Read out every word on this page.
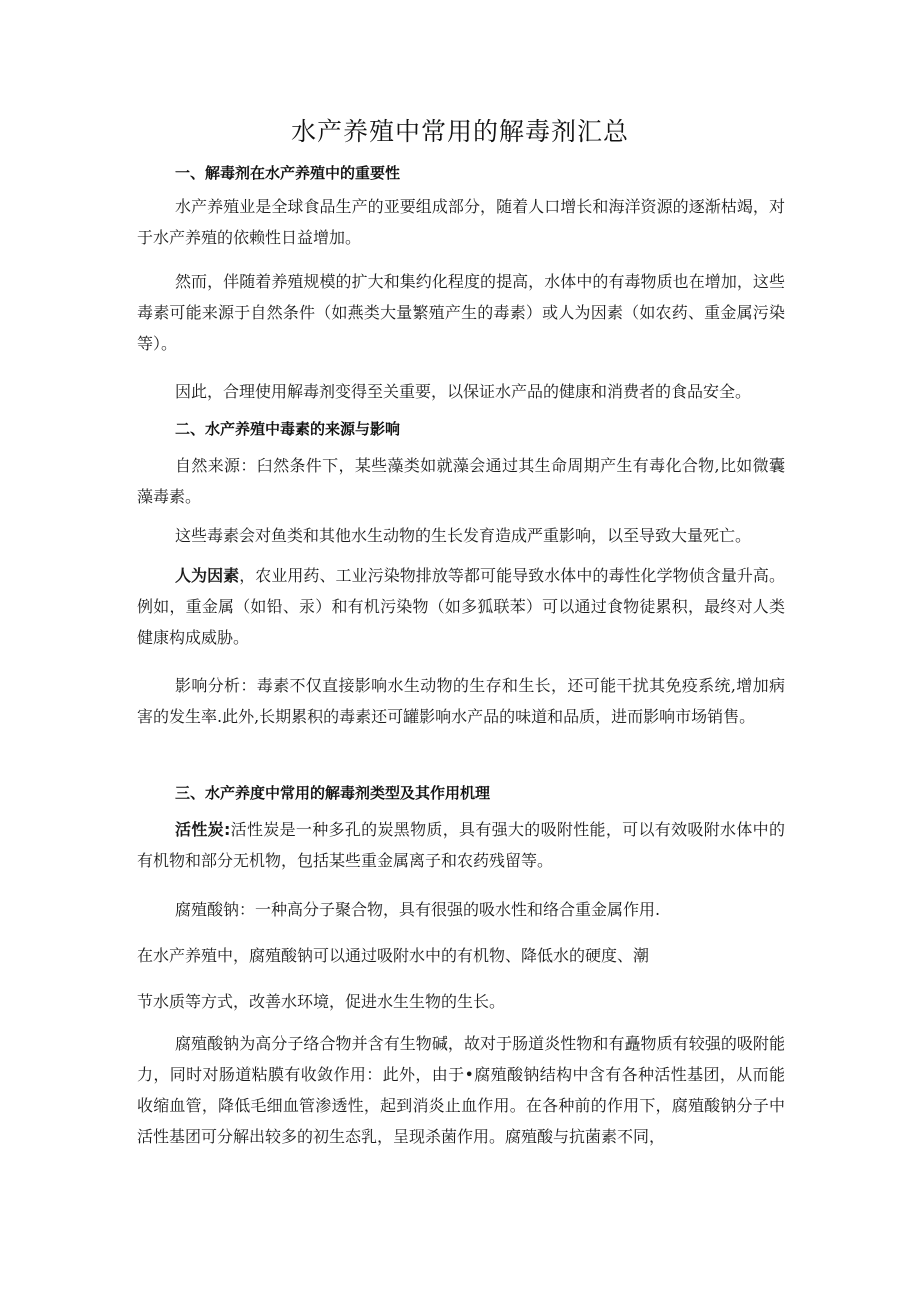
水产养殖中常用的解毒剂汇总
一、解毒剂在水产养殖中的重要性
水产养殖业是全球食品生产的亚要组成部分，随着人口增长和海洋资源的逐渐枯竭，对于水产养殖的依赖性日益增加。
然而，伴随着养殖规模的扩大和集约化程度的提高，水体中的有毒物质也在增加，这些毒素可能来源于自然条件（如燕类大量繁殖产生的毒素）或人为因素（如农药、重金属污染等）。
因此，合理使用解毒剂变得至关重要，以保证水产品的健康和消费者的食品安全。
二、水产养殖中毒素的来源与影响
自然来源：臼然条件下，某些藻类如就藻会通过其生命周期产生有毒化合物,比如微囊藻毒素。
这些毒素会对鱼类和其他水生动物的生长发育造成严重影响，以至导致大量死亡。
人为因素，农业用药、工业污染物排放等都可能导致水体中的毒性化学物侦含量升高。例如，重金属（如铅、汞）和有机污染物（如多狐联苯）可以通过食物徒累积，最终对人类健康构成威胁。
影响分析：毒素不仅直接影响水生动物的生存和生长，还可能干扰其免疫系统,增加病害的发生率.此外,长期累积的毒素还可罐影响水产品的味道和品质，进而影响市场销售。
三、水产养度中常用的解毒剂类型及其作用机理
活性炭:活性炭是一种多孔的炭黑物质，具有强大的吸附性能，可以有效吸附水体中的有机物和部分无机物，包括某些重金属离子和农药残留等。
腐殖酸钠：一种高分子聚合物，具有很强的吸水性和络合重金属作用.
在水产养殖中，腐殖酸钠可以通过吸附水中的有机物、降低水的硬度、潮
节水质等方式，改善水环境，促进水生生物的生长。
腐殖酸钠为高分子络合物并含有生物碱，故对于肠道炎性物和有矗物质有较强的吸附能力，同时对肠道粘膜有收敛作用：此外，由于•腐殖酸钠结构中含有各种活性基团，从而能收缩血管，降低毛细血管渗透性，起到消炎止血作用。在各种前的作用下，腐殖酸钠分子中活性基团可分解出较多的初生态乳，呈现杀菌作用。腐殖酸与抗菌素不同，
